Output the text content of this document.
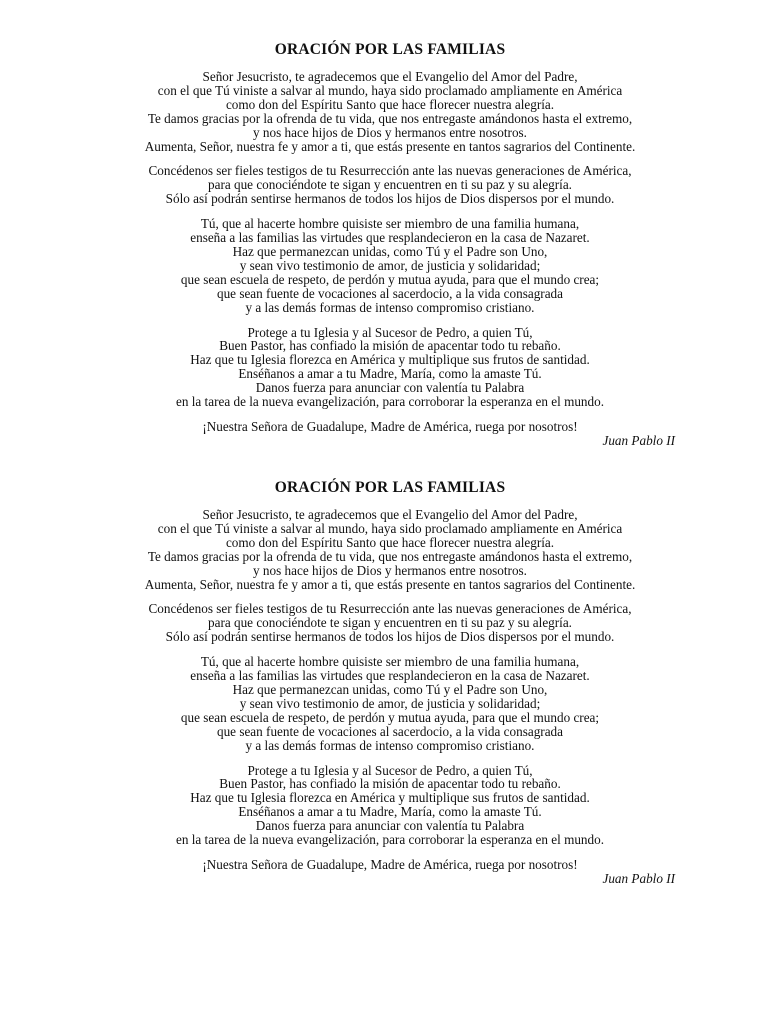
ORACIÓN POR LAS FAMILIAS
Señor Jesucristo, te agradecemos que el Evangelio del Amor del Padre,
con el que Tú viniste a salvar al mundo, haya sido proclamado ampliamente en América
como don del Espíritu Santo que hace florecer nuestra alegría.
Te damos gracias por la ofrenda de tu vida, que nos entregaste amándonos hasta el extremo,
y nos hace hijos de Dios y hermanos entre nosotros.
Aumenta, Señor, nuestra fe y amor a ti, que estás presente en tantos sagrarios del Continente.
Concédenos ser fieles testigos de tu Resurrección ante las nuevas generaciones de América,
para que conociéndote te sigan y encuentren en ti su paz y su alegría.
Sólo así podrán sentirse hermanos de todos los hijos de Dios dispersos por el mundo.
Tú, que al hacerte hombre quisiste ser miembro de una familia humana,
enseña a las familias las virtudes que resplandecieron en la casa de Nazaret.
Haz que permanezcan unidas, como Tú y el Padre son Uno,
y sean vivo testimonio de amor, de justicia y solidaridad;
que sean escuela de respeto, de perdón y mutua ayuda, para que el mundo crea;
que sean fuente de vocaciones al sacerdocio, a la vida consagrada
y a las demás formas de intenso compromiso cristiano.
Protege a tu Iglesia y al Sucesor de Pedro, a quien Tú,
Buen Pastor, has confiado la misión de apacentar todo tu rebaño.
Haz que tu Iglesia florezca en América y multiplique sus frutos de santidad.
Enséñanos a amar a tu Madre, María, como la amaste Tú.
Danos fuerza para anunciar con valentía tu Palabra
en la tarea de la nueva evangelización, para corroborar la esperanza en el mundo.
¡Nuestra Señora de Guadalupe, Madre de América, ruega por nosotros!
Juan Pablo II
ORACIÓN POR LAS FAMILIAS
Señor Jesucristo, te agradecemos que el Evangelio del Amor del Padre,
con el que Tú viniste a salvar al mundo, haya sido proclamado ampliamente en América
como don del Espíritu Santo que hace florecer nuestra alegría.
Te damos gracias por la ofrenda de tu vida, que nos entregaste amándonos hasta el extremo,
y nos hace hijos de Dios y hermanos entre nosotros.
Aumenta, Señor, nuestra fe y amor a ti, que estás presente en tantos sagrarios del Continente.
Concédenos ser fieles testigos de tu Resurrección ante las nuevas generaciones de América,
para que conociéndote te sigan y encuentren en ti su paz y su alegría.
Sólo así podrán sentirse hermanos de todos los hijos de Dios dispersos por el mundo.
Tú, que al hacerte hombre quisiste ser miembro de una familia humana,
enseña a las familias las virtudes que resplandecieron en la casa de Nazaret.
Haz que permanezcan unidas, como Tú y el Padre son Uno,
y sean vivo testimonio de amor, de justicia y solidaridad;
que sean escuela de respeto, de perdón y mutua ayuda, para que el mundo crea;
que sean fuente de vocaciones al sacerdocio, a la vida consagrada
y a las demás formas de intenso compromiso cristiano.
Protege a tu Iglesia y al Sucesor de Pedro, a quien Tú,
Buen Pastor, has confiado la misión de apacentar todo tu rebaño.
Haz que tu Iglesia florezca en América y multiplique sus frutos de santidad.
Enséñanos a amar a tu Madre, María, como la amaste Tú.
Danos fuerza para anunciar con valentía tu Palabra
en la tarea de la nueva evangelización, para corroborar la esperanza en el mundo.
¡Nuestra Señora de Guadalupe, Madre de América, ruega por nosotros!
Juan Pablo II
